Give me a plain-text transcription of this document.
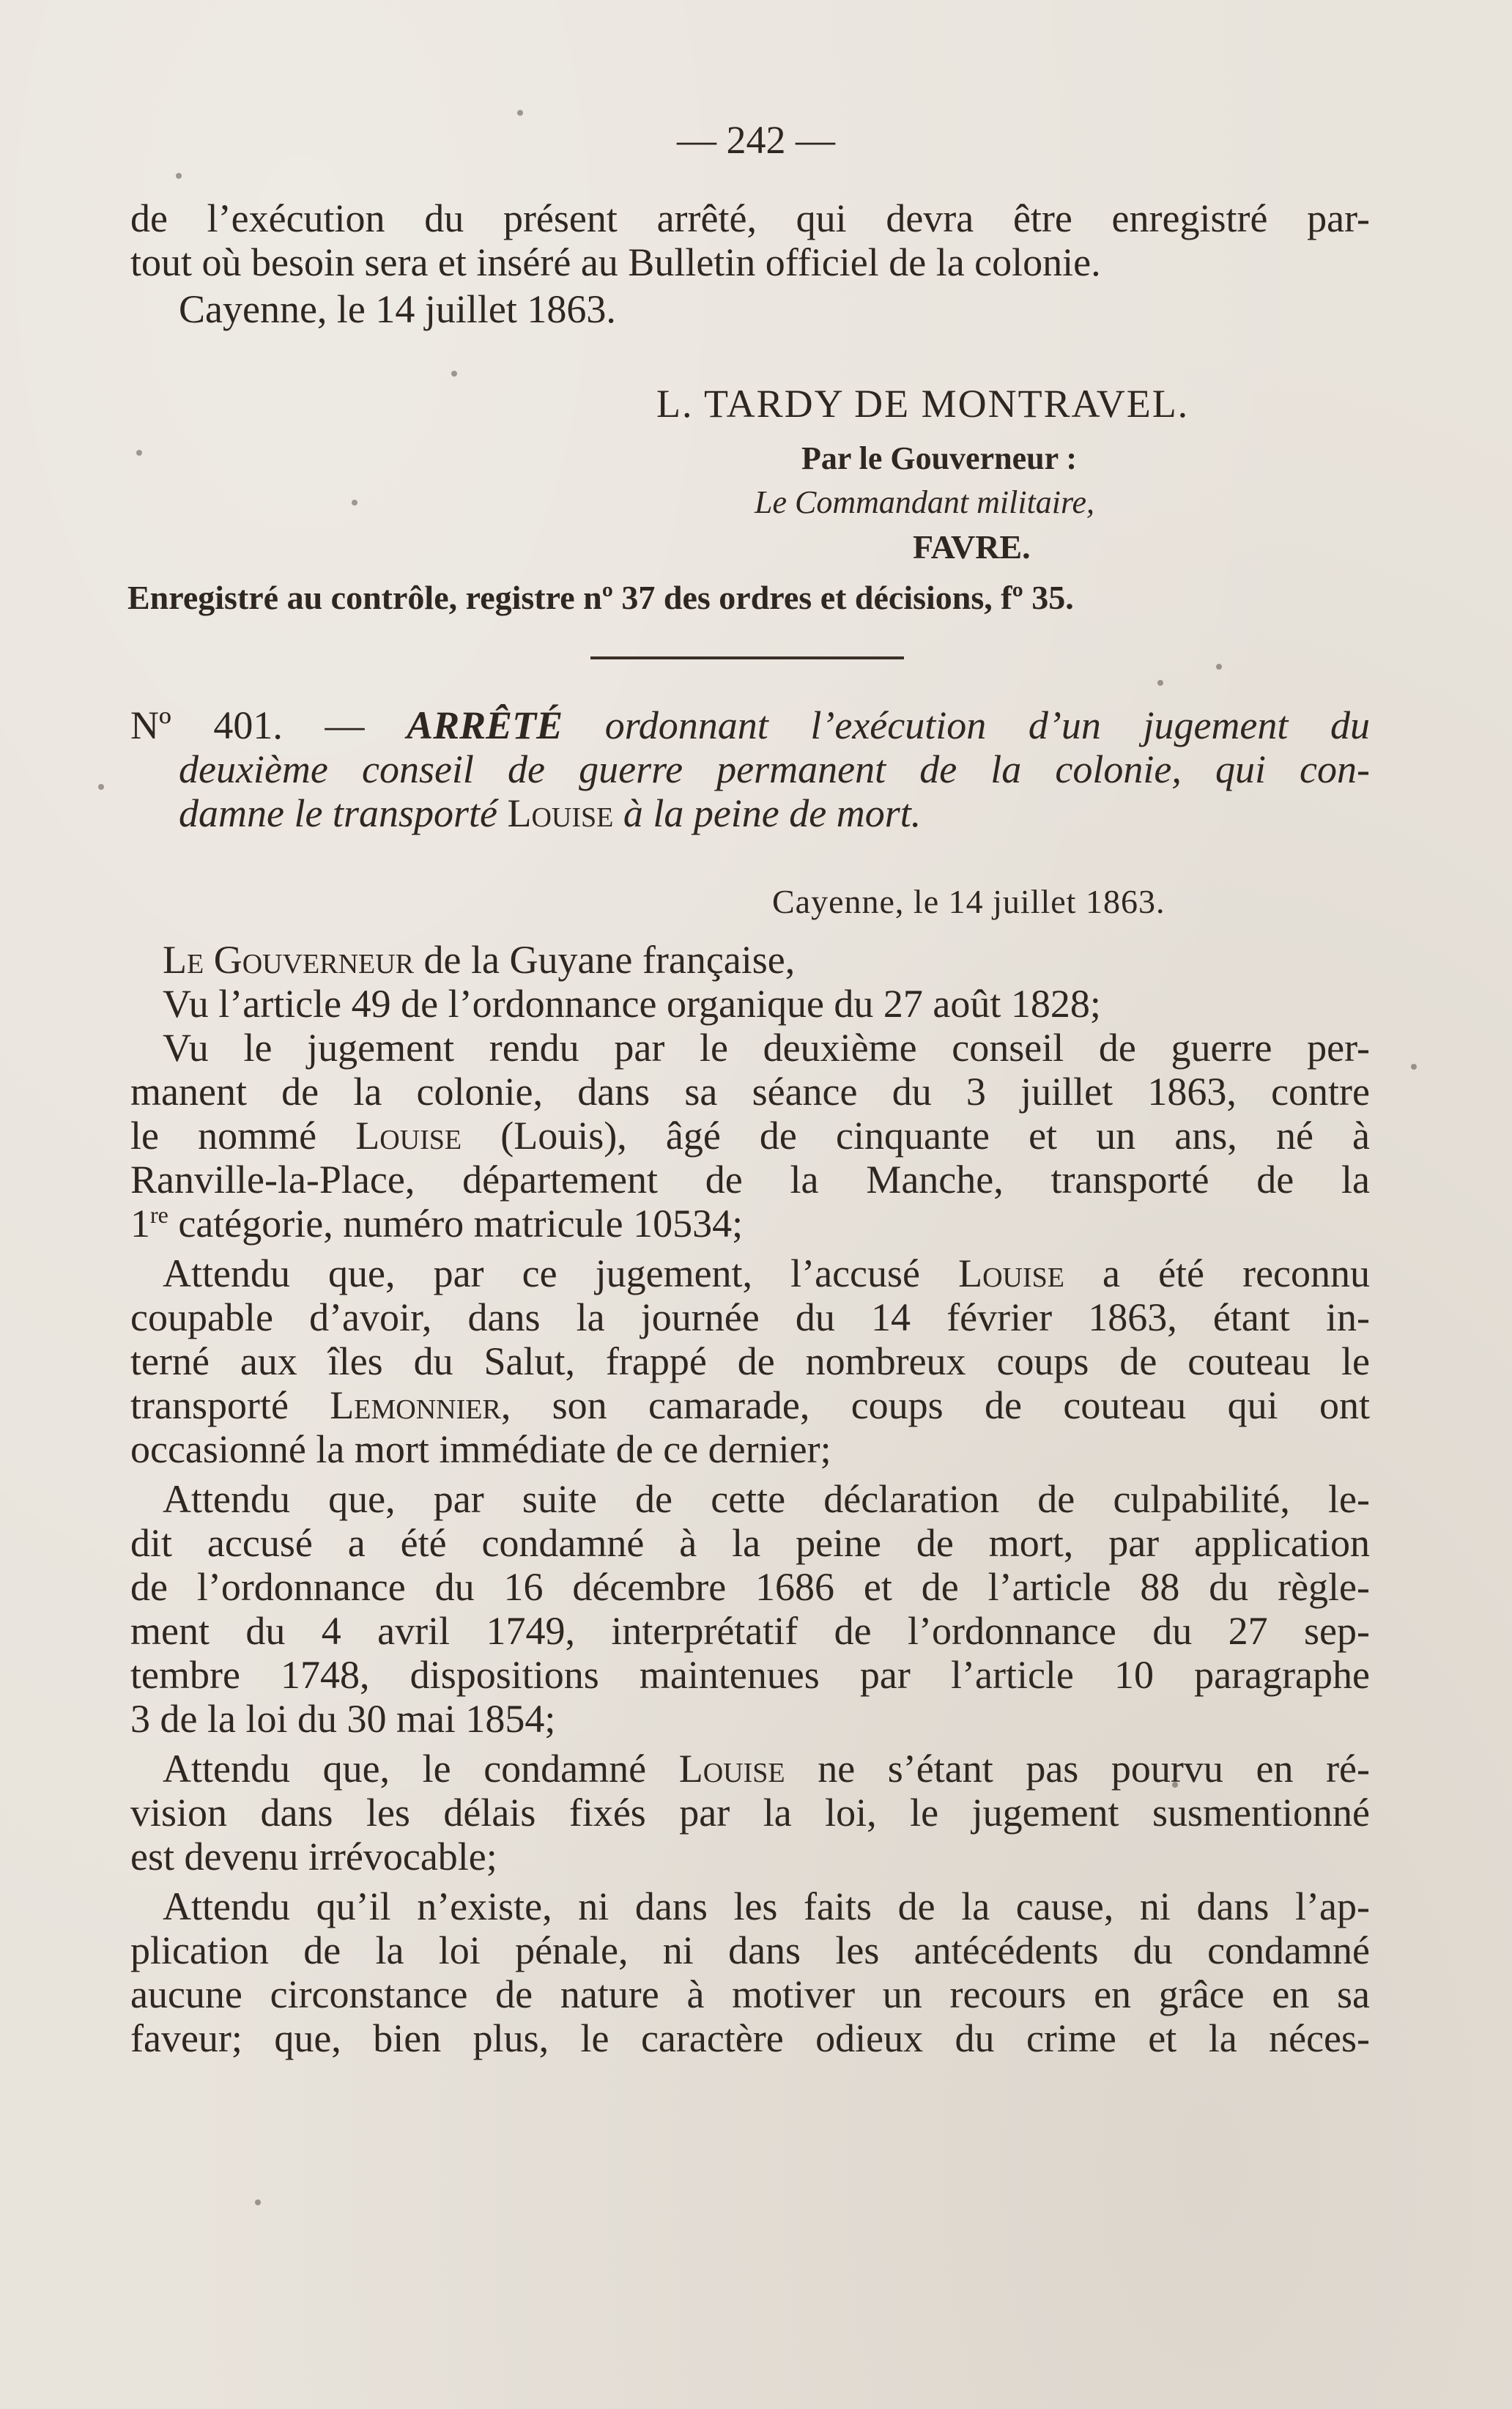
— 242 —
de l’exécution du présent arrêté, qui devra être enregistré par-
tout où besoin sera et inséré au Bulletin officiel de la colonie.
Cayenne, le 14 juillet 1863.
L. TARDY DE MONTRAVEL.
Par le Gouverneur :
Le Commandant militaire,
FAVRE.
Enregistré au contrôle, registre nº 37 des ordres et décisions, fº 35.
Nº 401. — ARRÊTÉ ordonnant l’exécution d’un jugement du
deuxième conseil de guerre permanent de la colonie, qui con-
damne le transporté Louise à la peine de mort.
Cayenne, le 14 juillet 1863.
Le Gouverneur de la Guyane française,
Vu l’article 49 de l’ordonnance organique du 27 août 1828;
Vu le jugement rendu par le deuxième conseil de guerre per-
manent de la colonie, dans sa séance du 3 juillet 1863, contre
le nommé Louise (Louis), âgé de cinquante et un ans, né à
Ranville-la-Place, département de la Manche, transporté de la
1re catégorie, numéro matricule 10534;
Attendu que, par ce jugement, l’accusé Louise a été reconnu
coupable d’avoir, dans la journée du 14 février 1863, étant in-
terné aux îles du Salut, frappé de nombreux coups de couteau le
transporté Lemonnier, son camarade, coups de couteau qui ont
occasionné la mort immédiate de ce dernier;
Attendu que, par suite de cette déclaration de culpabilité, le-
dit accusé a été condamné à la peine de mort, par application
de l’ordonnance du 16 décembre 1686 et de l’article 88 du règle-
ment du 4 avril 1749, interprétatif de l’ordonnance du 27 sep-
tembre 1748, dispositions maintenues par l’article 10 paragraphe
3 de la loi du 30 mai 1854;
Attendu que, le condamné Louise ne s’étant pas pourvu en ré-
vision dans les délais fixés par la loi, le jugement susmentionné
est devenu irrévocable;
Attendu qu’il n’existe, ni dans les faits de la cause, ni dans l’ap-
plication de la loi pénale, ni dans les antécédents du condamné
aucune circonstance de nature à motiver un recours en grâce en sa
faveur; que, bien plus, le caractère odieux du crime et la néces-
